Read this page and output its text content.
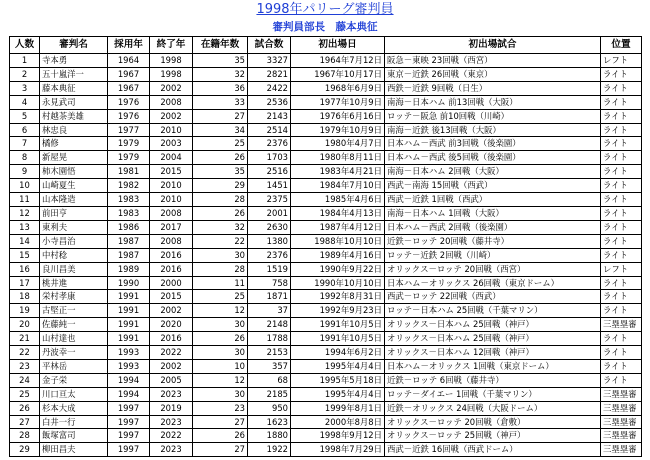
1998年パリーグ審判員
審判員部長　藤本典征
人数	審判名	採用年	終了年	在籍年数	試合数	初出場日	初出場試合	位置
1	寺本勇	1964	1998	35	3327	1964年7月12日	阪急－東映 23回戦（西宮）	レフト
2	五十嵐洋一	1967	1998	32	2821	1967年10月17日	東京－近鉄 26回戦（東京）	ライト
3	藤本典征	1967	2002	36	2422	1968年6月9日	西鉄－近鉄 9回戦（日生）	ライト
4	永見武司	1976	2008	33	2536	1977年10月9日	南海－日本ハム 前13回戦（大阪）	ライト
5	村越茶美雄	1976	2002	27	2143	1976年6月16日	ロッテ－阪急 前10回戦（川崎）	ライト
6	林忠良	1977	2010	34	2514	1979年10月9日	南海－近鉄 後13回戦（大阪）	ライト
7	橘修	1979	2003	25	2376	1980年4月7日	日本ハム－西武 前3回戦（後楽園）	ライト
8	新屋晃	1979	2004	26	1703	1980年8月11日	日本ハム－西武 後5回戦（後楽園）	ライト
9	柿木園悟	1981	2015	35	2516	1983年4月21日	南海－日本ハム 2回戦（大阪）	ライト
10	山崎夏生	1982	2010	29	1451	1984年7月10日	西武－南海 15回戦（西武）	ライト
11	山本隆造	1983	2010	28	2375	1985年4月6日	西武－近鉄 1回戦（西武）	ライト
12	前田亨	1983	2008	26	2001	1984年4月13日	南海－日本ハム 1回戦（大阪）	ライト
13	東利夫	1986	2017	32	2630	1987年4月12日	日本ハム－西武 2回戦（後楽園）	ライト
14	小寺昌治	1987	2008	22	1380	1988年10月10日	近鉄－ロッテ 20回戦（藤井寺）	ライト
15	中村稔	1987	2016	30	2376	1989年4月16日	ロッテ－近鉄 2回戦（川崎）	ライト
16	良川昌美	1989	2016	28	1519	1990年9月22日	オリックス－ロッテ 20回戦（西宮）	レフト
17	桃井進	1990	2000	11	758	1990年10月10日	日本ハム－オリックス 26回戦（東京ドーム）	ライト
18	栄村孝康	1991	2015	25	1871	1992年8月31日	西武－ロッテ 22回戦（西武）	ライト
19	古堅正一	1991	2002	12	37	1992年9月23日	ロッテ－日本ハム 25回戦（千葉マリン）	ライト
20	佐藤純一	1991	2020	30	2148	1991年10月5日	オリックス－日本ハム 25回戦（神戸）	三塁塁審
21	山村達也	1991	2016	26	1788	1991年10月5日	オリックス－日本ハム 25回戦（神戸）	ライト
22	丹波幸一	1993	2022	30	2153	1994年6月2日	オリックス－日本ハム 12回戦（神戸）	ライト
23	平林岳	1993	2002	10	357	1995年4月4日	日本ハム－オリックス 1回戦（東京ドーム）	ライト
24	金子栄	1994	2005	12	68	1995年5月18日	近鉄－ロッテ 6回戦（藤井寺）	ライト
25	川口亘太	1994	2023	30	2185	1995年4月4日	ロッテ－ダイエー 1回戦（千葉マリン）	三塁塁審
26	杉本大成	1997	2019	23	950	1999年8月1日	近鉄－オリックス 24回戦（大阪ドーム）	三塁塁審
27	白井一行	1997	2023	27	1623	2000年8月8日	オリックス－ロッテ 20回戦（倉敷）	三塁塁審
28	飯塚富司	1997	2022	26	1880	1998年9月12日	オリックス－ロッテ 25回戦（神戸）	三塁塁審
29	柳田昌夫	1997	2023	27	1922	1998年7月29日	西武－近鉄 16回戦（西武ドーム）	三塁塁審
